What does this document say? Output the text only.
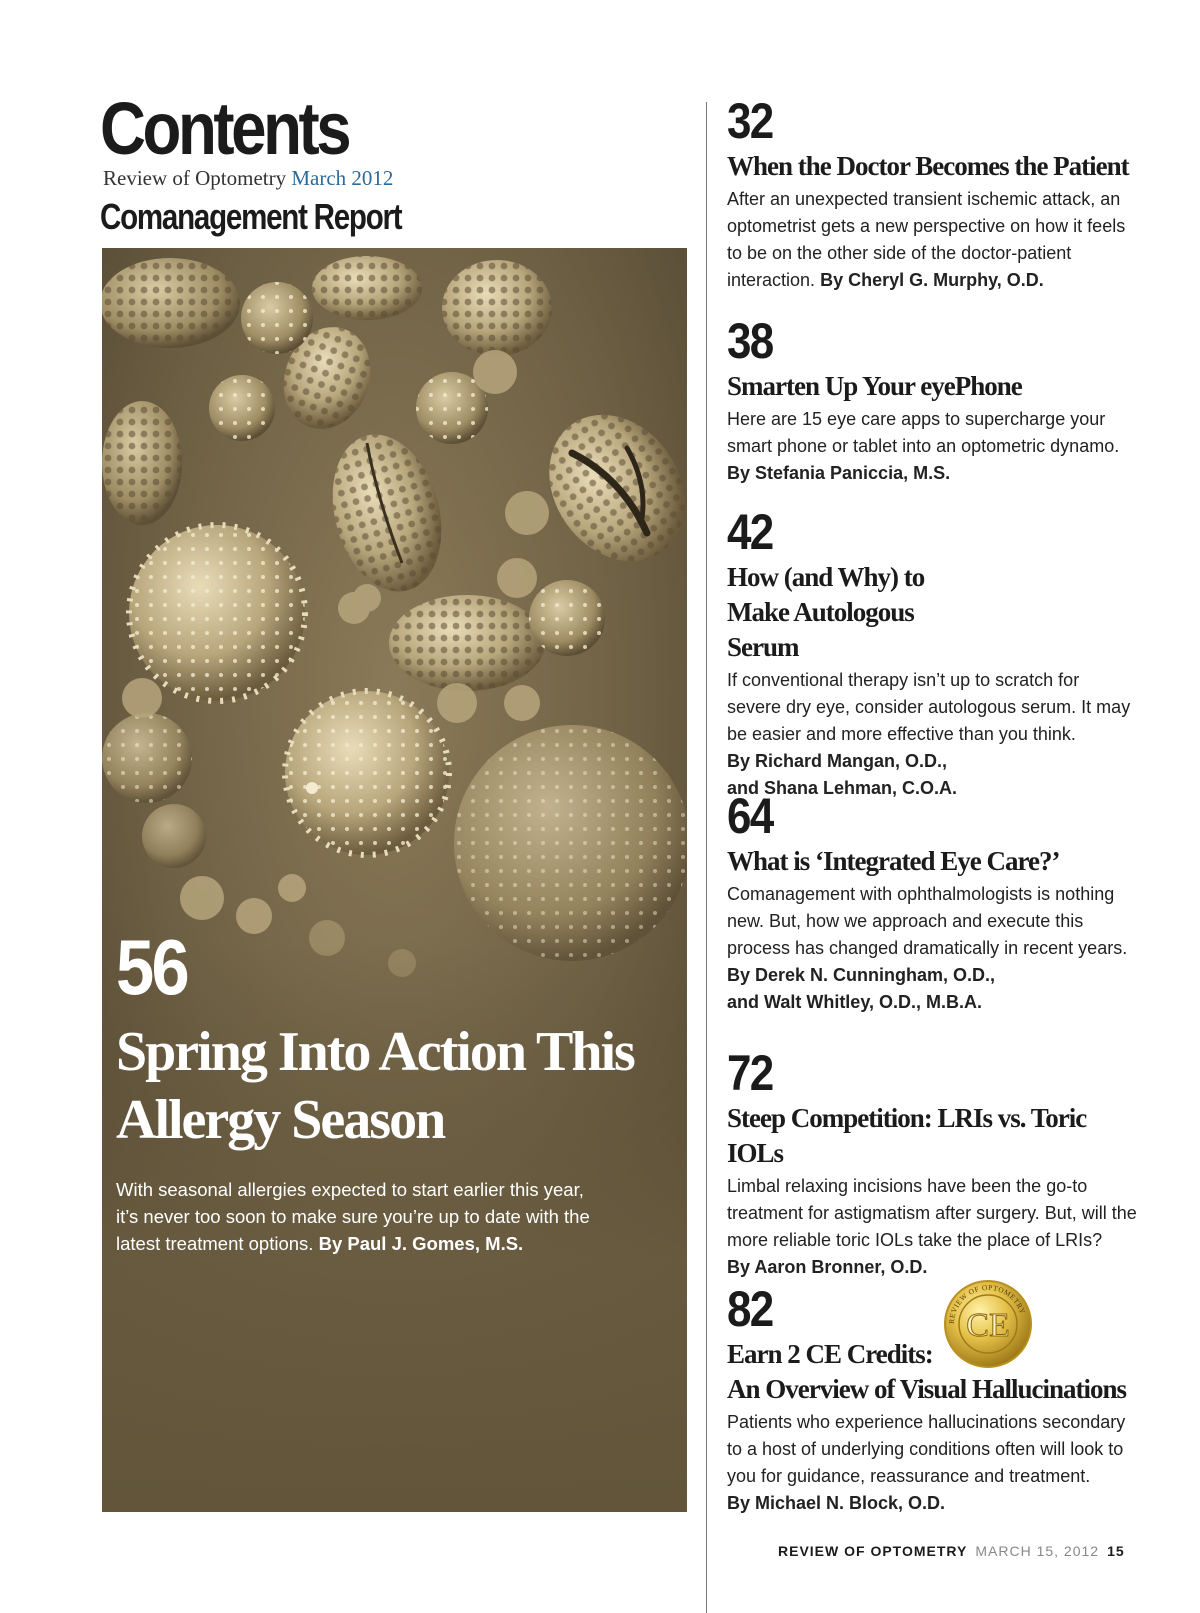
Contents
Review of Optometry March 2012
Comanagement Report
56
Spring Into Action This Allergy Season

With seasonal allergies expected to start earlier this year, it’s never too soon to make sure you’re up to date with the latest treatment options. By Paul J. Gomes, M.S.

32
When the Doctor Becomes the Patient

After an unexpected transient ischemic attack, an optometrist gets a new perspective on how it feels to be on the other side of the doctor-patient interaction. By Cheryl G. Murphy, O.D.

38
Smarten Up Your eyePhone

Here are 15 eye care apps to supercharge your smart phone or tablet into an optometric dynamo.
By Stefania Paniccia, M.S.

42
How (and Why) to Make Autologous Serum

If conventional therapy isn’t up to scratch for severe dry eye, consider autologous serum. It may be easier and more effective than you think.
By Richard Mangan, O.D.,
and Shana Lehman, C.O.A.

64
What is ‘Integrated Eye Care?’

Comanagement with ophthalmologists is nothing new. But, how we approach and execute this process has changed dramatically in recent years.
By Derek N. Cunningham, O.D.,
and Walt Whitley, O.D., M.B.A.

72
Steep Competition: LRIs vs. Toric IOLs

Limbal relaxing incisions have been the go-to treatment for astigmatism after surgery. But, will the more reliable toric IOLs take the place of LRIs?
By Aaron Bronner, O.D.

82
Earn 2 CE Credits:
An Overview of Visual Hallucinations

Patients who experience hallucinations secondary to a host of underlying conditions often will look to you for guidance, reassurance and treatment.
By Michael N. Block, O.D.

REVIEW OF OPTOMETRY
CE
REVIEW OF OPTOMETRY MARCH 15, 2012 15
